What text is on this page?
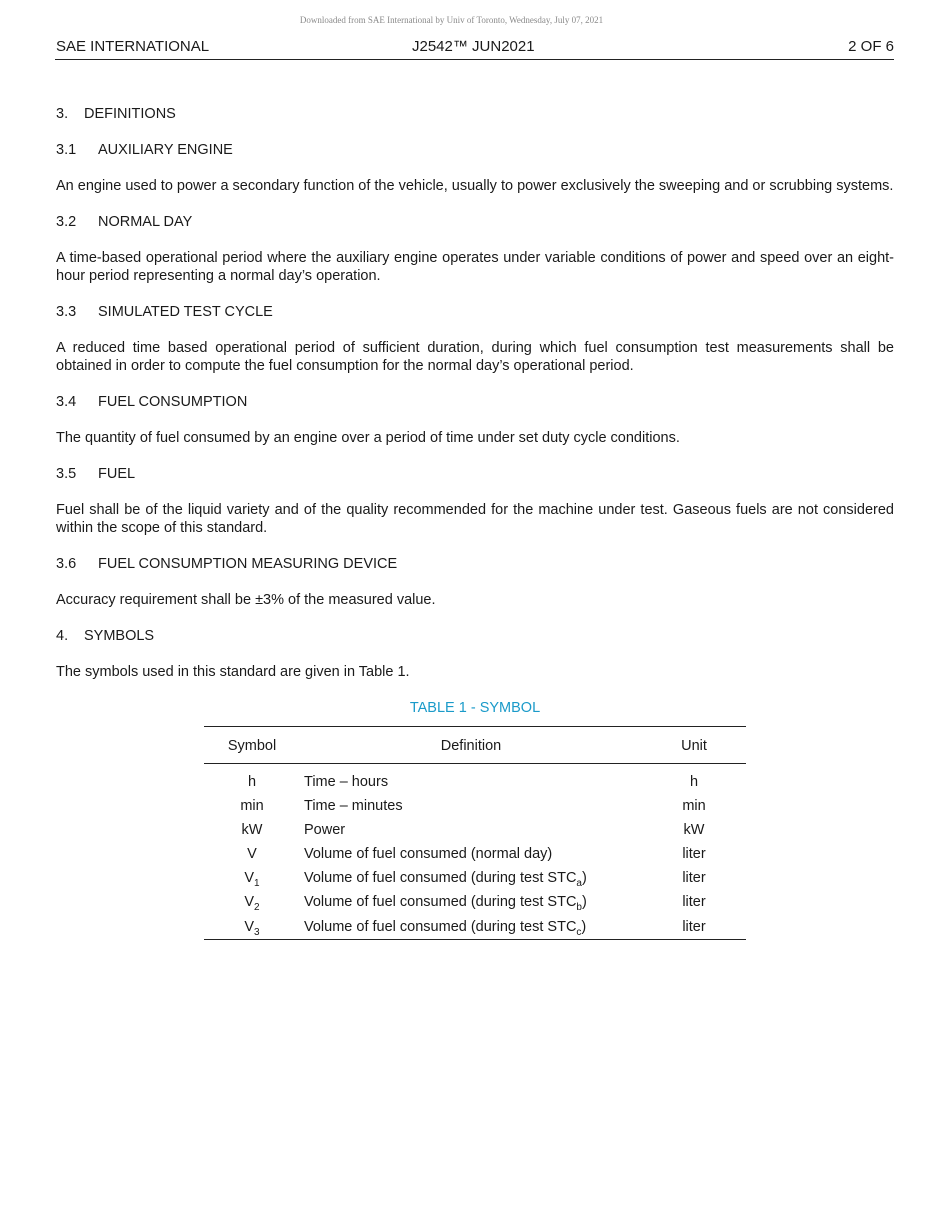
Downloaded from SAE International by Univ of Toronto, Wednesday, July 07, 2021
SAE INTERNATIONAL	J2542™ JUN2021	2 OF 6
3. DEFINITIONS
3.1 AUXILIARY ENGINE

An engine used to power a secondary function of the vehicle, usually to power exclusively the sweeping and or scrubbing systems.

3.2 NORMAL DAY

A time-based operational period where the auxiliary engine operates under variable conditions of power and speed over an eight-hour period representing a normal day’s operation.

3.3 SIMULATED TEST CYCLE

A reduced time based operational period of sufficient duration, during which fuel consumption test measurements shall be obtained in order to compute the fuel consumption for the normal day’s operational period.

3.4 FUEL CONSUMPTION

The quantity of fuel consumed by an engine over a period of time under set duty cycle conditions.

3.5 FUEL

Fuel shall be of the liquid variety and of the quality recommended for the machine under test. Gaseous fuels are not considered within the scope of this standard.

3.6 FUEL CONSUMPTION MEASURING DEVICE

Accuracy requirement shall be ±3% of the measured value.

4. SYMBOLS

The symbols used in this standard are given in Table 1.

TABLE 1 - SYMBOL
Symbol	Definition	Unit
h	Time – hours	h
min	Time – minutes	min
kW	Power	kW
V	Volume of fuel consumed (normal day)	liter
$V_1$	Volume of fuel consumed (during test $STC_a$)	liter
$V_2$	Volume of fuel consumed (during test $STC_b$)	liter
$V_3$	Volume of fuel consumed (during test $STC_c$)	liter
